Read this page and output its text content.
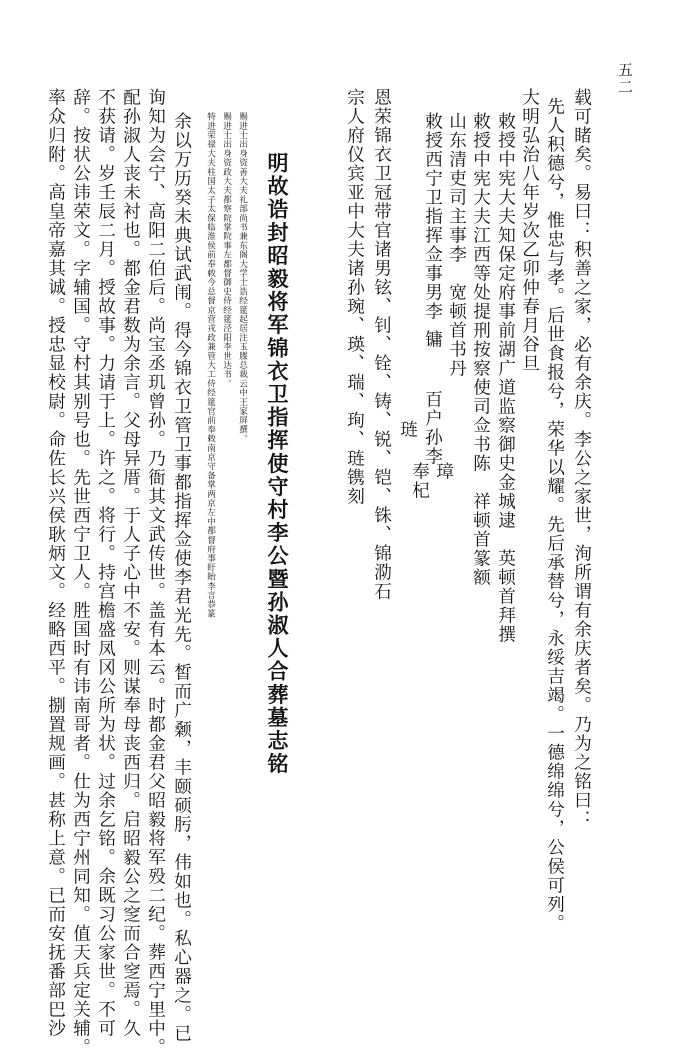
五二
载可睹矣。易曰：积善之家，必有余庆。李公之家世，洵所谓有余庆者矣。乃为之铭曰：
先人积德兮，惟忠与孝。后世食报兮，荣华以耀。先后承替兮，永绥吉竭。一德绵绵兮，公侯可列。
大明弘治八年岁次乙卯仲春月谷旦
敕授中宪大夫知保定府事前湖广道监察御史金城逮　英顿首拜撰
敕授中宪大夫江西等处提刑按察使司佥书陈　祥顿首篆额
山东清吏司主事李　宽顿首书丹
敕授西宁卫指挥佥事男李
镛
百户孙李
璋
奉杞
琏
恩荣锦衣卫冠带官诸男铉、钊、铨、铸、锐、铠、铢、锦泐石
宗人府仪宾亚中大夫诸孙琬、瑛、瑞、珣、琏镌刻
明故诰封昭毅将军锦衣卫指挥使守村李公暨孙淑人合葬墓志铭
赐进士出身资善大夫礼部尚书兼东阁大学士诰经筵起居注玉牒总裁云中王家屏撰。
赐进士出身资政大夫都察院掌院事左都督御史侍经筵泾阳李世达书。
特进荣禄大夫柱国太子太保临淮侯前奉敕今总督京营戎政兼管大工侍经筵官前奉敕南京守备掌两京左中都督府事盱眙李言恭篆
余以万历癸未典试武闱。得今锦衣卫管卫事都指挥佥使李君光先。皙而广颡，丰颐硕肟，伟如也。私心器之。已
询知为会宁、高阳二伯后。尚宝丞玑曾孙。乃衙其文武传世。盖有本云。时都金君父昭毅将军殁二纪。葬西宁里中。
配孙淑人丧未衬也。都金君数为余言。父母异厝。于人子心中不安。则谋奉母丧西归。启昭毅公之窆而合窆焉。久
不获请。岁壬辰二月。授故事。力请于上。许之。将行。持宫檐盛凤冈公所为状。过余乞铭。余既习公家世。不可
辞。按状公讳荣文。字辅国。守村其别号也。先世西宁卫人。胜国时有讳南哥者。仕为西宁州同知。值天兵定关辅。
率众归附。高皇帝嘉其诚。授忠显校尉。命佐长兴侯耿炳文。经略西平。捌置规画。甚称上意。已而安抚番部巴沙
